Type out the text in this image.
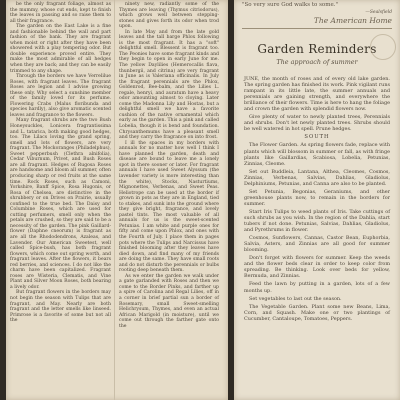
be the only fragrant foliage, almost as the mummy, whose cut ends, kept to finish the leaves in passing and so raise them to all their fragrance.

The garden on the East Lake is a fine and fashionable behind the wall and part fashion of the bank. They are fragrant when moist or right after they have been showered with a play tempering odor. But double experience proved entire. They make the most admirable of all hedges when they are back; and they can be easily trimmed to any shape.

Through the borders we have Verrelilue Roses, with fragrant leaves. The fragrant Roses are legion and I advise growing these only. Why select a sunshine member of the family loved for its perfume. Flowering Crabs (Malus floribunda and species hardly), also give aromatic scented leaves and fragrance to the flowers.

Many fragrant shrubs are the two Bush Honeysuckles, Lonicera fragrantissima and L. tatarica, both making good hedges, too. The Lilacs loving the grand spring, smell and lots of flowers, are very fragrant. The Mockoranges (Philadelphus), Sweet pepperbush (Clethra alnifolia), Cedar Viburnum, Privet, and Bush Roses are all fragrant. Hedges of Rugosa Roses are handsome and bloom all summer, often producing sharp or red fruits at the same time. Rock Roses, such as Camoni, Yorkshire, Banff Spice, Rosa Hugonis, or Rosa of Chelsea, are distinctive in the shrubbery or on Drives on Prairie, usually confined to the true bed. The Daisy and Columbine Roses, which are used for cutting perfumers, smell only when the petals are crushed, so they are said to be a necessity of the garden. The pink Gaillard-flower (Daphne cneorum) is fragrant as are all the Rhododendrons, Azaleas, and Lavender. Our American Sweetest, well called Spice-bush, has both fragrant flowers, which come out spring worth, and fragrant leaves. After the flowers, it bears red berries, and sciences. I do not like the charm have been capitalized. Fragrant roses are Wisteria, Clematis, and Vine Plant and Silver Moon Roses, both bearing a lively odor.

But fragrant flowers in the borders may not begin the season with Tulips that are fragrant, and May. Nearly are both fragrant and the letter smells like linseed. Primrose is a favorite of some but not all the

ninety new, radiantly some of the Thymes are leaving (Thymus citriodorus), which grows well between stepping-stones and gives forth its odor when trod upon.

In late May and from the late gold leaves and the tall barge Phlox following is the most fragrant. It has a "soft" delightful smell. Blessent is fragrant too. The Peonies have some fragrant kinds and they begin to open in early June for me. The yellow Daylilies (Hemerocallis flava, thunbergii, and citrina) are very fragrant in June as is Valeriana officinalis. In July the fragrant perennials are the Phlox, Goldenrod, Bee-balm, and the Lilies L. regale, henryi, and auratum have a heavy odor amounting almost to cloying. Later come the Madonna Lily and Hostas, but a delightful smell we have a favorite cushion of the native ornamental which early as the garden. This a pink and called Lobelia, though it is bend and foundation. Chrysanthemums have a pleasant smell and they carry the fragrance on into frost.

I ill the spaces in my borders with annuals for no matter how well I think I have planned the garden, death and disease are bound to leave me a lonely spot in there sooner or later. For fragrant annuals I have used Sweet Alyssum (the lavender variety is more interesting than the white), Stocks, Nasturtiums, Mignonettes, Verbenas, and Sweet Peas. Heliotrope can be used at the border if grown in pots as they are in England, tied to stakes, and sunk into the ground where they give bright, fragrance, and lovely pastel tints. The most valuable of all annuals for us is the sweet-scented Petunias. I am white and purple ones for fifty and come upon Phlox, and ones with the Fourth of July. I place them in pages pots where the Tulips and Narcissus have finished blooming after they leaves have died down, and find many of my friends are doing the same. They have small roots and do not disturb the perennials or bulbs rooting deep beneath them.

As we enter the garden we walk under a gate garlanded with Roses and then we come to the Border Pinks, and farther up a spire of Carolina and Regal Lilies, off in a corner in brief partial sun a border of Rosemary, small Sweet-smelling Helichrysum, Thymes, and even an actual African Marigold (in moisture), until we come out through the farther gate onto the

"So very sure God walks to some."
—Sealsfield
The American Home
Garden Reminders
The approach of summer

JUNE, the month of roses and of every old lake garden. The spring garden has finished its work. Pink vigilant runs rampant in its little late, the summer annuals and perennials are gaining strength, and everywhere the brilliance of their flowers. Time is here to hang the foliage and crown the garden with splendid flowers now.

Give plenty of water to newly planted trees, Perennials and shrubs. Don't let newly planted trees. Shrubs should be well watered in hot spell. Prune hedges.

SOUTH

The Flower Garden. As spring flowers fade, replace with plants which will blossom in summer or fall, as with fringe plants like Gaillardias, Scabiosa, Lobelia, Petunias, Zinnias, Cleome.

Set out Buddleia, Lantana, Althea, Cleomes, Cosmos, Zinnias, Verbenas, Salvias, Dahlias, Gladiolus, Delphiniums, Petunias, and Canna are also to be planted.

Set Petunia, Begonias, Geraniums, and other greenhouse plants now, to remain in the borders for summer.

Start Iris Tulips to weed plants of Iris. Take cuttings of such shrubs as you wish. In the region of the Dahlia, start tubers if not done. Petunias, Salvias, Dahlias, Gladiolus, and Pyrethrums in flower.

Cosmos, Sunflowers, Cannas, Castor Bean, Euphorbia, Salvia, Asters, and Zinnias are all good for summer blooming.

Don't forget with flowers for summer. Keep the weeds and the flower beds clear in order to keep color from spreading. Be thinking. Look over beds for yellow, Bermuda, and Zinnias.

Feed the lawn by putting in a garden, lots of a few months up.

Set vegetables to last out the season.

The Vegetable Garden. Plant some new Beans, Lima, Corn, and Squash. Make one or two plantings of Cucumber, Cantaloupe, Tomatoes, Peppers.
